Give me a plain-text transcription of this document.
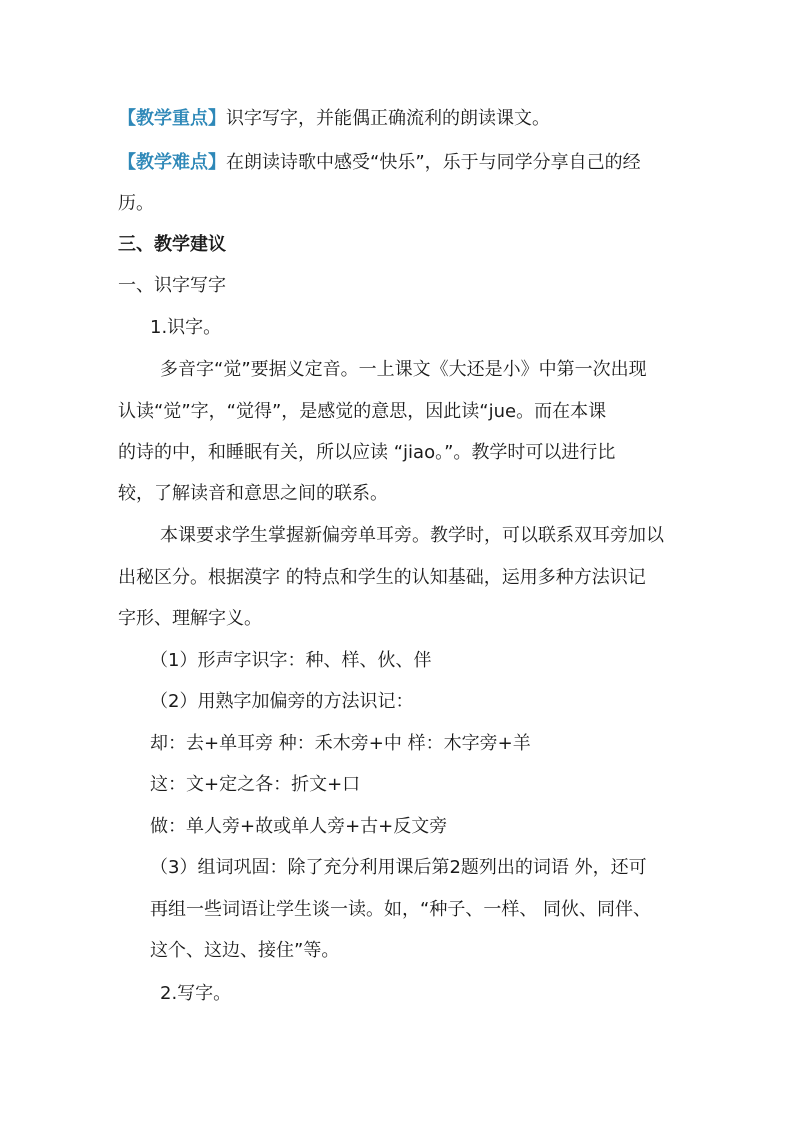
【教学重点】识字写字，并能偶正确流利的朗读课文。
【教学难点】在朗读诗歌中感受“快乐”，乐于与同学分享自己的经
历。
三、教学建议
一、识字写字
1.识字。
多音字“觉”要据义定音。一上课文《大还是小》中第一次出现
认读“觉”字，“觉得”，是感觉的意思，因此读“jue。而在本课
的诗的中，和睡眠有关，所以应读 “jiao。”。教学时可以进行比
较，了解读音和意思之间的联系。
本课要求学生掌握新偏旁单耳旁。教学时，可以联系双耳旁加以
出秘区分。根据漠字 的特点和学生的认知基础，运用多种方法识记
字形、理解字义。
（1）形声字识字：种、样、伙、伴
（2）用熟字加偏旁的方法识记：
却：去+单耳旁 种：禾木旁+中 样：木字旁+羊
这：文+定之各：折文+口
做：单人旁+故或单人旁+古+反文旁
（3）组词巩固：除了充分利用课后第2题列出的词语 外，还可
再组一些词语让学生谈一读。如，“种子、一样、 同伙、同伴、
这个、这边、接住”等。
2.写字。
